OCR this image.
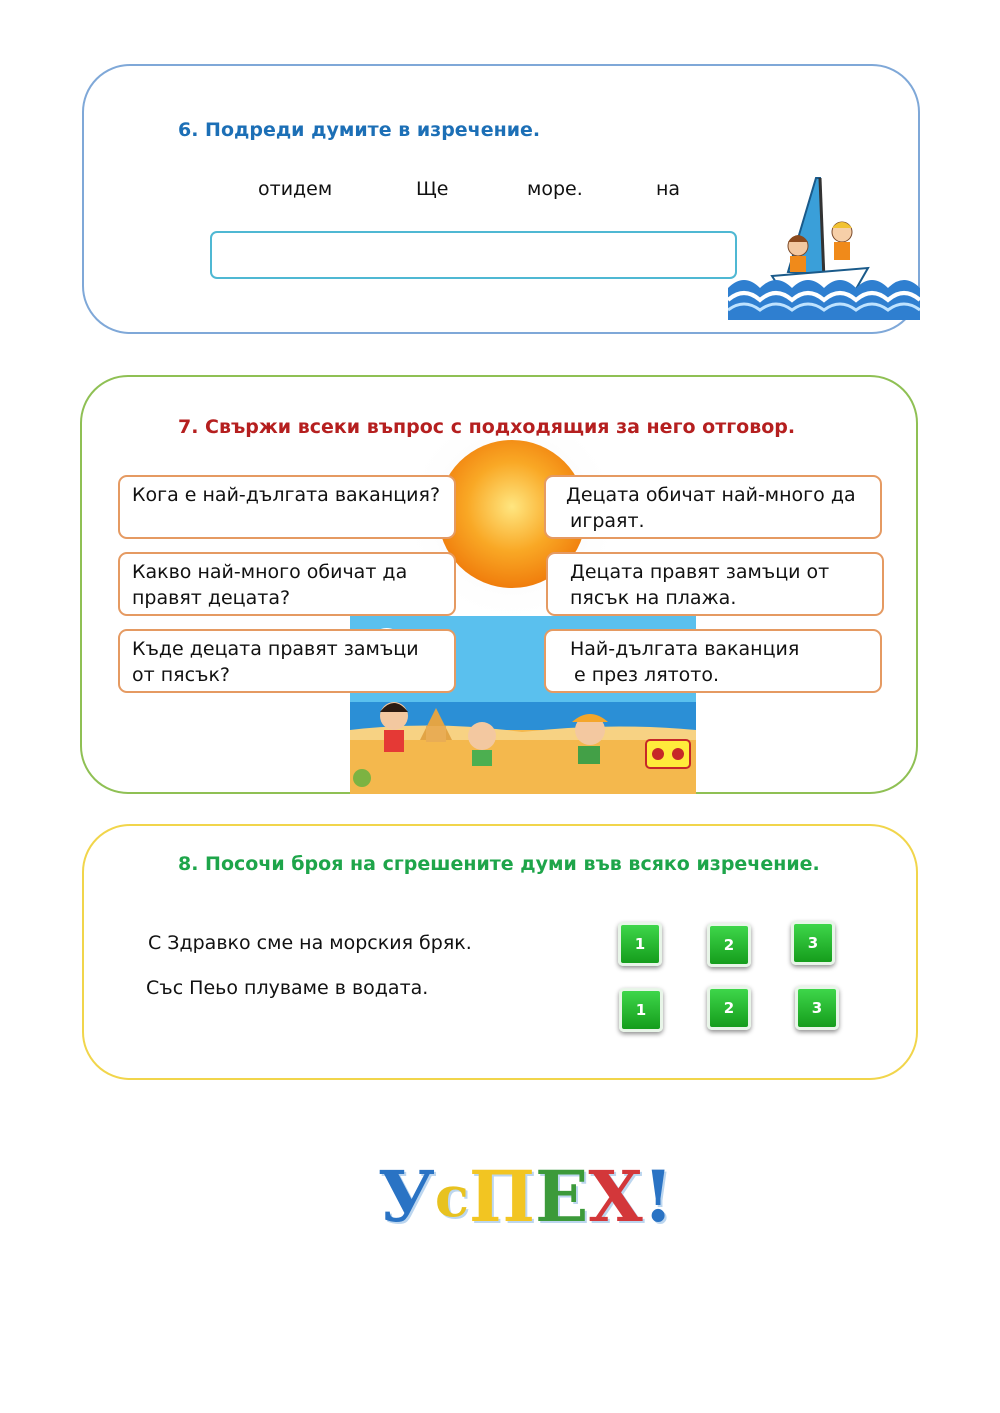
6. Подреди думите в изречение.
отидем	Ще	море.	на
7. Свържи всеки въпрос с подходящия за него отговор.
Кога е най-дългата ваканция?
Какво най-много обичат да
правят децата?
Къде децата правят замъци
от пясък?
Децата обичат най-много да
играят.
Децата правят замъци от
пясък на плажа.
Най-дългата ваканция
е през лятото.
8. Посочи броя на сгрешените думи във всяко изречение.
С Здравко сме на морския бряк.
Със Пеьо плуваме в водата.
1	2	3
1	2	3
У с П Е Х !
